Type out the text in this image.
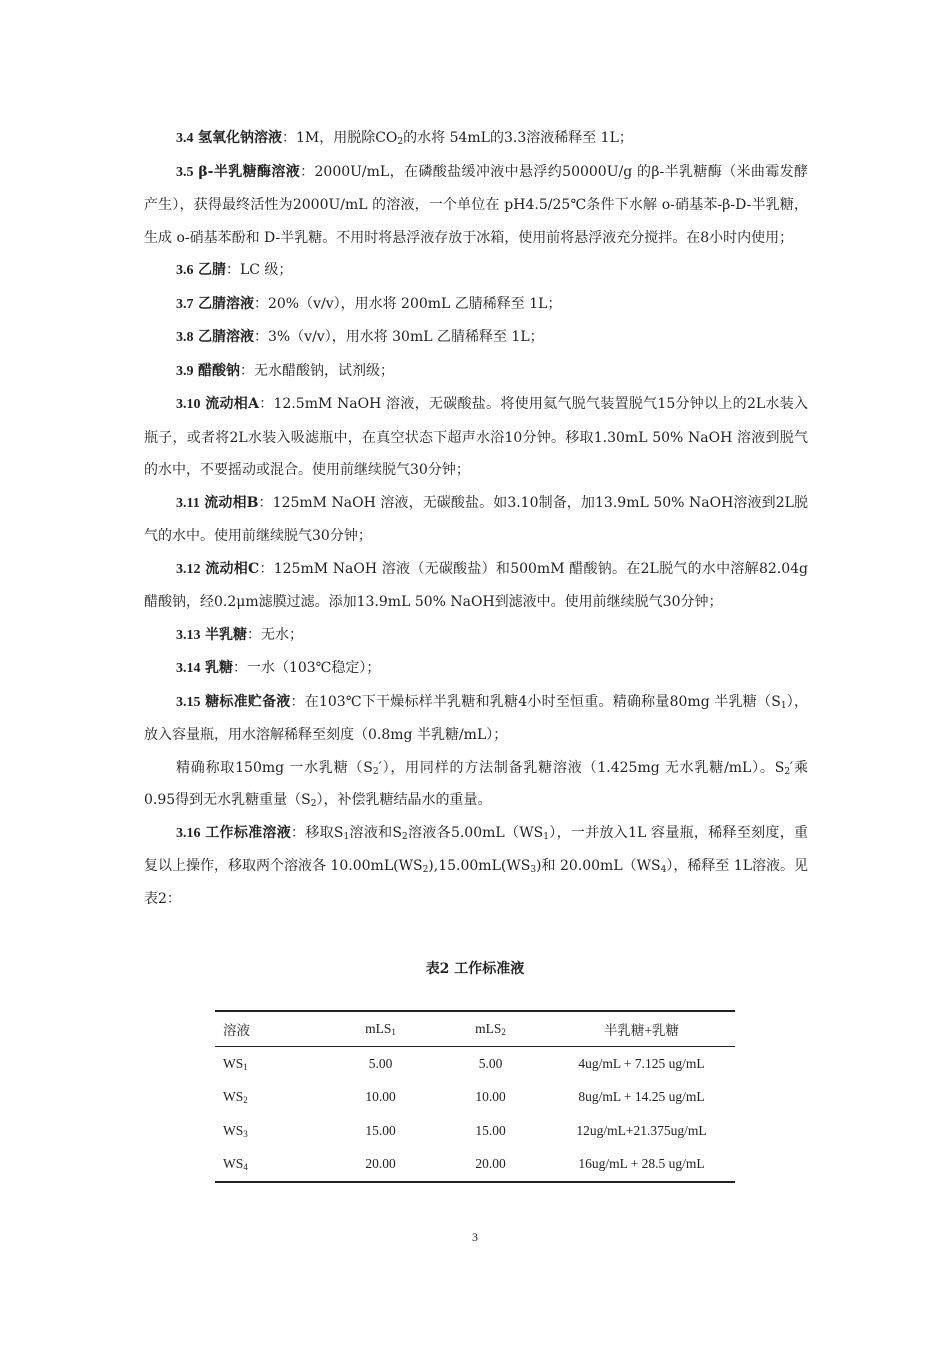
3.4 氢氧化钠溶液：1M，用脱除$CO_2$的水将 54mL的3.3溶液稀释至 1L；

3.5 β-半乳糖酶溶液：2000U/mL，在磷酸盐缓冲液中悬浮约50000U/g 的β-半乳糖酶（米曲霉发酵产生），获得最终活性为2000U/mL 的溶液，一个单位在 pH4.5/25℃条件下水解 o-硝基苯-β-D-半乳糖，生成 o-硝基苯酚和 D-半乳糖。不用时将悬浮液存放于冰箱，使用前将悬浮液充分搅拌。在8小时内使用；

3.6 乙腈：LC 级；

3.7 乙腈溶液：20%（v/v），用水将 200mL 乙腈稀释至 1L；

3.8 乙腈溶液：3%（v/v），用水将 30mL 乙腈稀释至 1L；

3.9 醋酸钠：无水醋酸钠，试剂级；

3.10 流动相A：12.5mM NaOH 溶液，无碳酸盐。将使用氦气脱气装置脱气15分钟以上的2L水装入瓶子，或者将2L水装入吸滤瓶中，在真空状态下超声水浴10分钟。移取1.30mL 50% NaOH 溶液到脱气的水中，不要摇动或混合。使用前继续脱气30分钟；

3.11 流动相B：125mM NaOH 溶液，无碳酸盐。如3.10制备，加13.9mL 50% NaOH溶液到2L脱气的水中。使用前继续脱气30分钟；

3.12 流动相C：125mM NaOH 溶液（无碳酸盐）和500mM 醋酸钠。在2L脱气的水中溶解82.04g醋酸钠，经0.2μm滤膜过滤。添加13.9mL 50% NaOH到滤液中。使用前继续脱气30分钟；

3.13 半乳糖：无水；

3.14 乳糖：一水（103℃稳定）；

3.15 糖标准贮备液：在103℃下干燥标样半乳糖和乳糖4小时至恒重。精确称量80mg 半乳糖$(S_1)$，放入容量瓶，用水溶解稀释至刻度（0.8mg 半乳糖/mL）；

精确称取150mg 一水乳糖$(S_2')$，用同样的方法制备乳糖溶液（1.425mg 无水乳糖/mL）。$S_2'$乘0.95得到无水乳糖重量$(S_2)$，补偿乳糖结晶水的重量。

3.16 工作标准溶液：移取$S_1$溶液和$S_2$溶液各$5.00mL(WS_1)$，一并放入1L 容量瓶，稀释至刻度，重复以上操作，移取两个溶液各 $10.00mL(WS_2),15.00mL(WS_3)$和 $20.00mL(WS_4)$，稀释至 1L溶液。见表2：

表2 工作标准液
溶液	mLS$_1$	mLS$_2$	半乳糖+乳糖
$WS_1$	5.00	5.00	4ug/mL + 7.125 ug/mL
$WS_2$	10.00	10.00	8ug/mL + 14.25 ug/mL
$WS_3$	15.00	15.00	12ug/mL+21.375ug/mL
$WS_4$	20.00	20.00	16ug/mL + 28.5 ug/mL
3
